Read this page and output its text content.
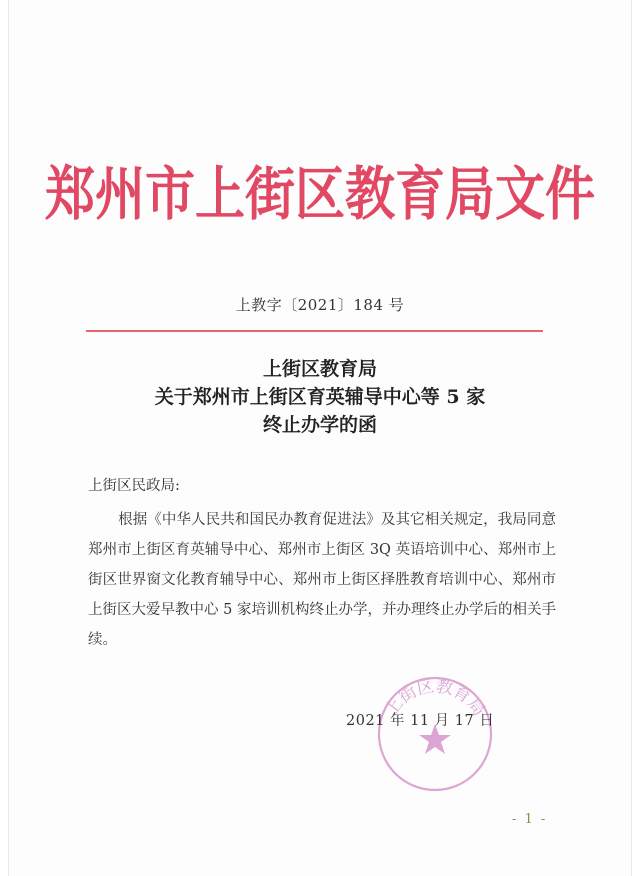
郑州市上街区教育局文件
上教字〔2021〕184 号
上街区教育局
关于郑州市上街区育英辅导中心等 5 家
终止办学的函
上街区民政局:
根据《中华人民共和国民办教育促进法》及其它相关规定，我局同意郑州市上街区育英辅导中心、郑州市上街区 3Q 英语培训中心、郑州市上街区世界窗文化教育辅导中心、郑州市上街区择胜教育培训中心、郑州市上街区大爱早教中心 5 家培训机构终止办学，并办理终止办学后的相关手续。
上街区教育局
2021 年 11 月 17 日
- 1 -
